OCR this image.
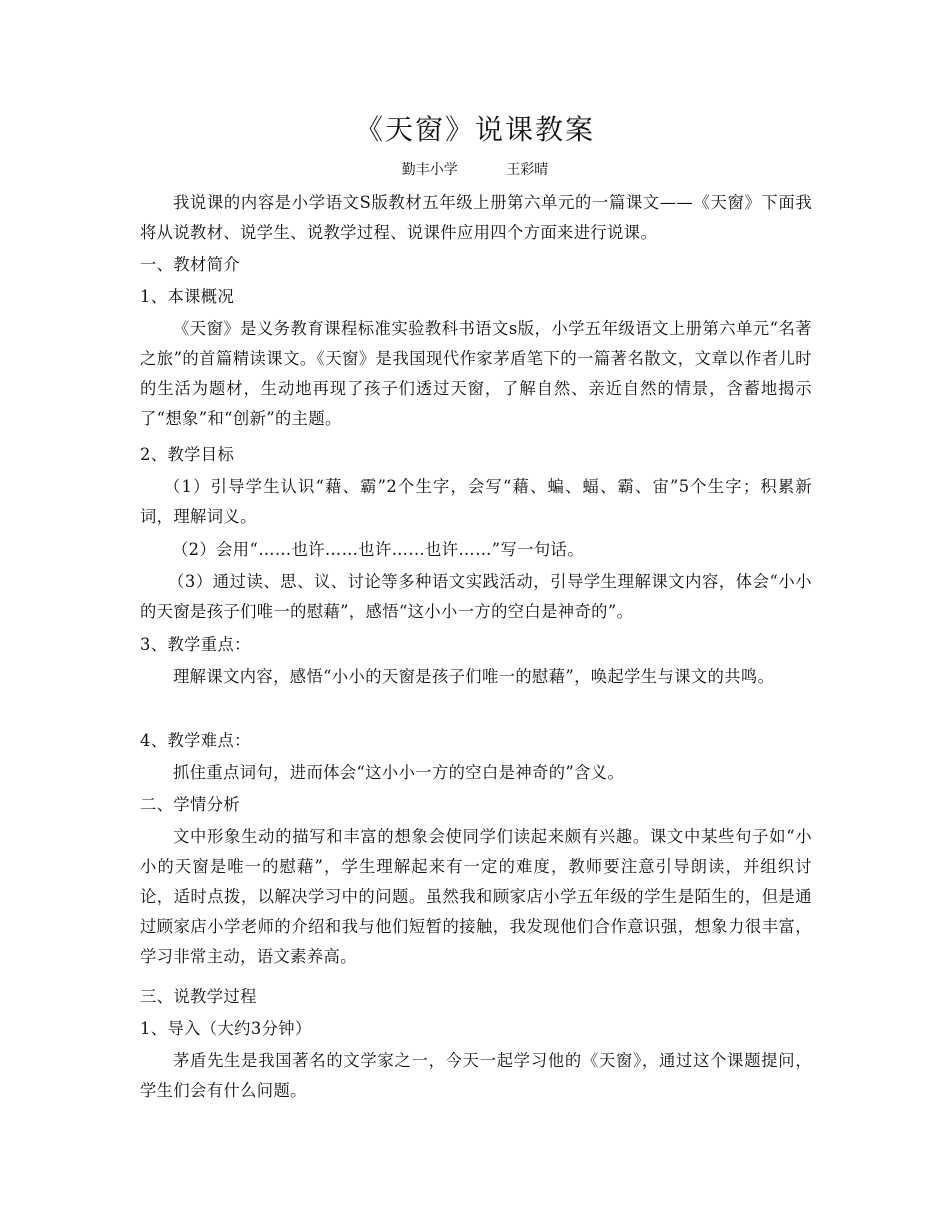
《天窗》说课教案
勤丰小学	王彩晴

我说课的内容是小学语文S版教材五年级上册第六单元的一篇课文——《天窗》下面我将从说教材、说学生、说教学过程、说课件应用四个方面来进行说课。

一、教材简介

1、本课概况

《天窗》是义务教育课程标准实验教科书语文s版，小学五年级语文上册第六单元“名著之旅”的首篇精读课文。《天窗》是我国现代作家茅盾笔下的一篇著名散文，文章以作者儿时的生活为题材，生动地再现了孩子们透过天窗，了解自然、亲近自然的情景，含蓄地揭示了“想象”和“创新”的主题。

2、教学目标

（1）引导学生认识“藉、霸”2个生字，会写“藉、蝙、蝠、霸、宙”5个生字；积累新词，理解词义。

（2）会用“……也许……也许……也许……”写一句话。

（3）通过读、思、议、讨论等多种语文实践活动，引导学生理解课文内容，体会“小小的天窗是孩子们唯一的慰藉”，感悟“这小小一方的空白是神奇的”。

3、教学重点：

理解课文内容，感悟“小小的天窗是孩子们唯一的慰藉”，唤起学生与课文的共鸣。

4、教学难点：

抓住重点词句，进而体会“这小小一方的空白是神奇的”含义。

二、学情分析

文中形象生动的描写和丰富的想象会使同学们读起来颇有兴趣。课文中某些句子如“小小的天窗是唯一的慰藉”，学生理解起来有一定的难度，教师要注意引导朗读，并组织讨论，适时点拨，以解决学习中的问题。虽然我和顾家店小学五年级的学生是陌生的，但是通过顾家店小学老师的介绍和我与他们短暂的接触，我发现他们合作意识强，想象力很丰富，学习非常主动，语文素养高。

三、说教学过程

1、导入（大约3分钟）

茅盾先生是我国著名的文学家之一，今天一起学习他的《天窗》，通过这个课题提问，学生们会有什么问题。
